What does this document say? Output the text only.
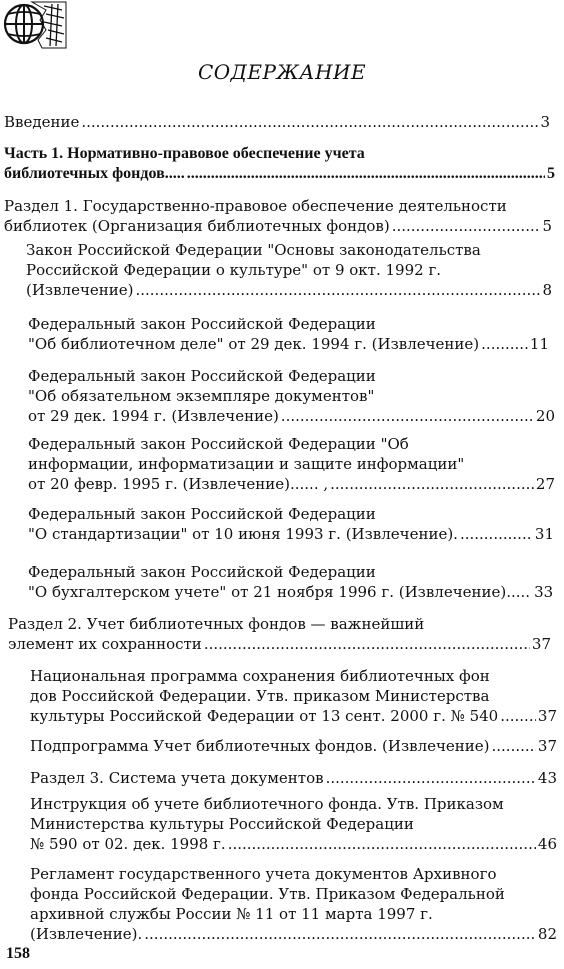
СОДЕРЖАНИЕ
Введение .....	3
Часть 1. Нормативно-правовое обеспечение учета
библиотечных фондов..... .....	5
Раздел 1. Государственно-правовое обеспечение деятельности
библиотек (Организация библиотечных фондов) .....	5
Закон Российской Федерации "Основы законодательства
Российской Федерации о культуре" от 9 окт. 1992 г.
(Извлечение) .....	8
Федеральный закон Российской Федерации
"Об библиотечном деле" от 29 дек. 1994 г. (Извлечение) .....	11
Федеральный закон Российской Федерации
"Об обязательном экземпляре документов"
от 29 дек. 1994 г. (Извлечение) .....	20
Федеральный закон Российской Федерации "Об
информации, информатизации и защите информации"
от 20 февр. 1995 г. (Извлечение)...... , .....	27
Федеральный закон Российской Федерации
"О стандартизации" от 10 июня 1993 г. (Извлечение). .....	31
Федеральный закон Российской Федерации
"О бухгалтерском учете" от 21 ноября 1996 г. (Извлечение)..... 33
Раздел 2. Учет библиотечных фондов — важнейший
элемент их сохранности .....	37
Национальная программа сохранения библиотечных фон
дов Российской Федерации. Утв. приказом Министерства
культуры Российской Федерации от 13 сент. 2000 г. № 540 .....	37
Подпрограмма Учет библиотечных фондов. (Извлечение) .....	37
Раздел 3. Система учета документов .....	43
Инструкция об учете библиотечного фонда. Утв. Приказом
Министерства культуры Российской Федерации
№ 590 от 02. дек. 1998 г. .....	46
Регламент государственного учета документов Архивного
фонда Российской Федерации. Утв. Приказом Федеральной
архивной службы России № 11 от 11 марта 1997 г.
(Извлечение). .....	82
158
